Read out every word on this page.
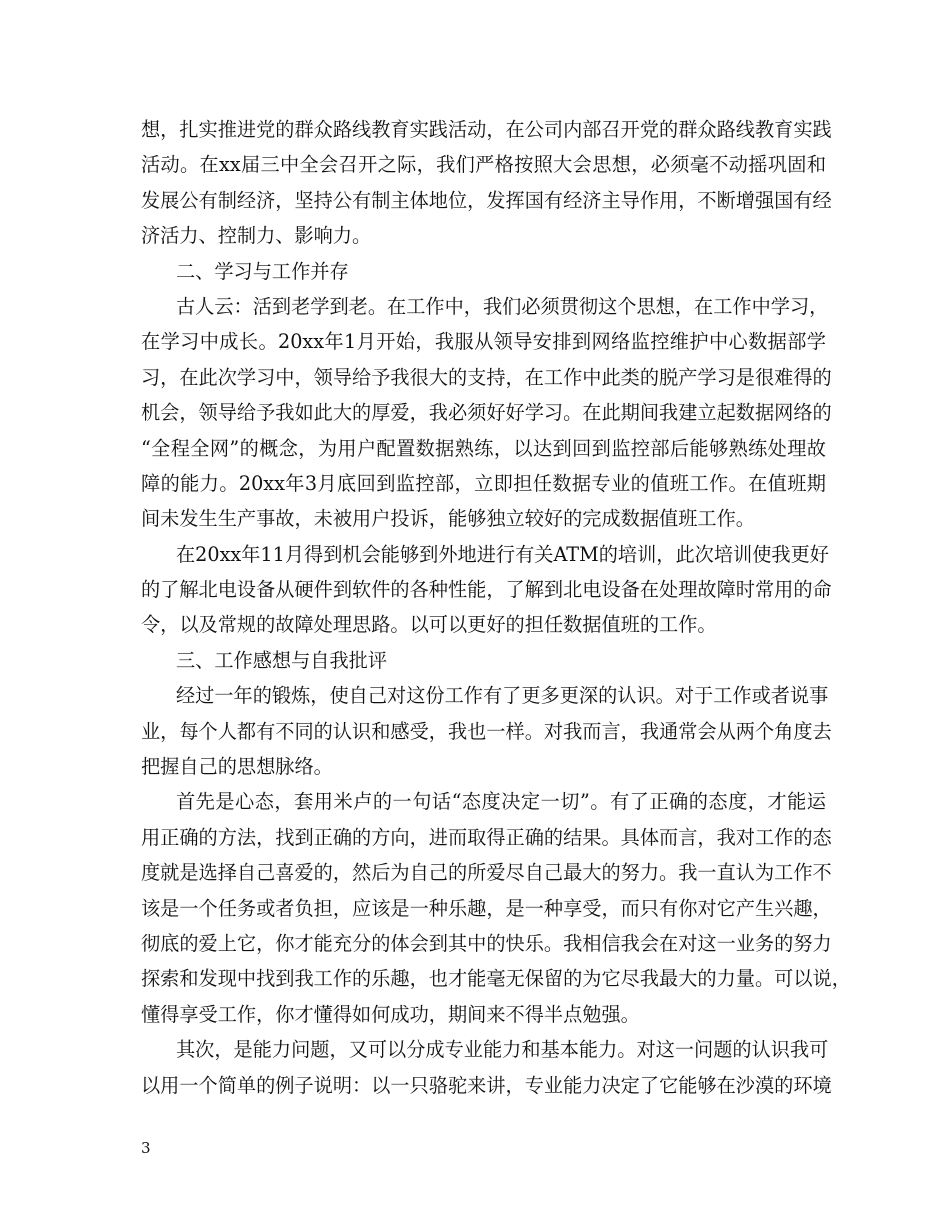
想，扎实推进党的群众路线教育实践活动，在公司内部召开党的群众路线教育实践
活动。在xx届三中全会召开之际，我们严格按照大会思想，必须毫不动摇巩固和
发展公有制经济，坚持公有制主体地位，发挥国有经济主导作用，不断增强国有经
济活力、控制力、影响力。
二、学习与工作并存
古人云：活到老学到老。在工作中，我们必须贯彻这个思想，在工作中学习，
在学习中成长。20xx年1月开始，我服从领导安排到网络监控维护中心数据部学
习，在此次学习中，领导给予我很大的支持，在工作中此类的脱产学习是很难得的
机会，领导给予我如此大的厚爱，我必须好好学习。在此期间我建立起数据网络的
“全程全网”的概念，为用户配置数据熟练，以达到回到监控部后能够熟练处理故
障的能力。20xx年3月底回到监控部，立即担任数据专业的值班工作。在值班期
间未发生生产事故，未被用户投诉，能够独立较好的完成数据值班工作。
在20xx年11月得到机会能够到外地进行有关ATM的培训，此次培训使我更好
的了解北电设备从硬件到软件的各种性能，了解到北电设备在处理故障时常用的命
令，以及常规的故障处理思路。以可以更好的担任数据值班的工作。
三、工作感想与自我批评
经过一年的锻炼，使自己对这份工作有了更多更深的认识。对于工作或者说事
业，每个人都有不同的认识和感受，我也一样。对我而言，我通常会从两个角度去
把握自己的思想脉络。
首先是心态，套用米卢的一句话“态度决定一切”。有了正确的态度，才能运
用正确的方法，找到正确的方向，进而取得正确的结果。具体而言，我对工作的态
度就是选择自己喜爱的，然后为自己的所爱尽自己最大的努力。我一直认为工作不
该是一个任务或者负担，应该是一种乐趣，是一种享受，而只有你对它产生兴趣，
彻底的爱上它，你才能充分的体会到其中的快乐。我相信我会在对这一业务的努力
探索和发现中找到我工作的乐趣，也才能毫无保留的为它尽我最大的力量。可以说，
懂得享受工作，你才懂得如何成功，期间来不得半点勉强。
其次，是能力问题，又可以分成专业能力和基本能力。对这一问题的认识我可
以用一个简单的例子说明：以一只骆驼来讲，专业能力决定了它能够在沙漠的环境
3
